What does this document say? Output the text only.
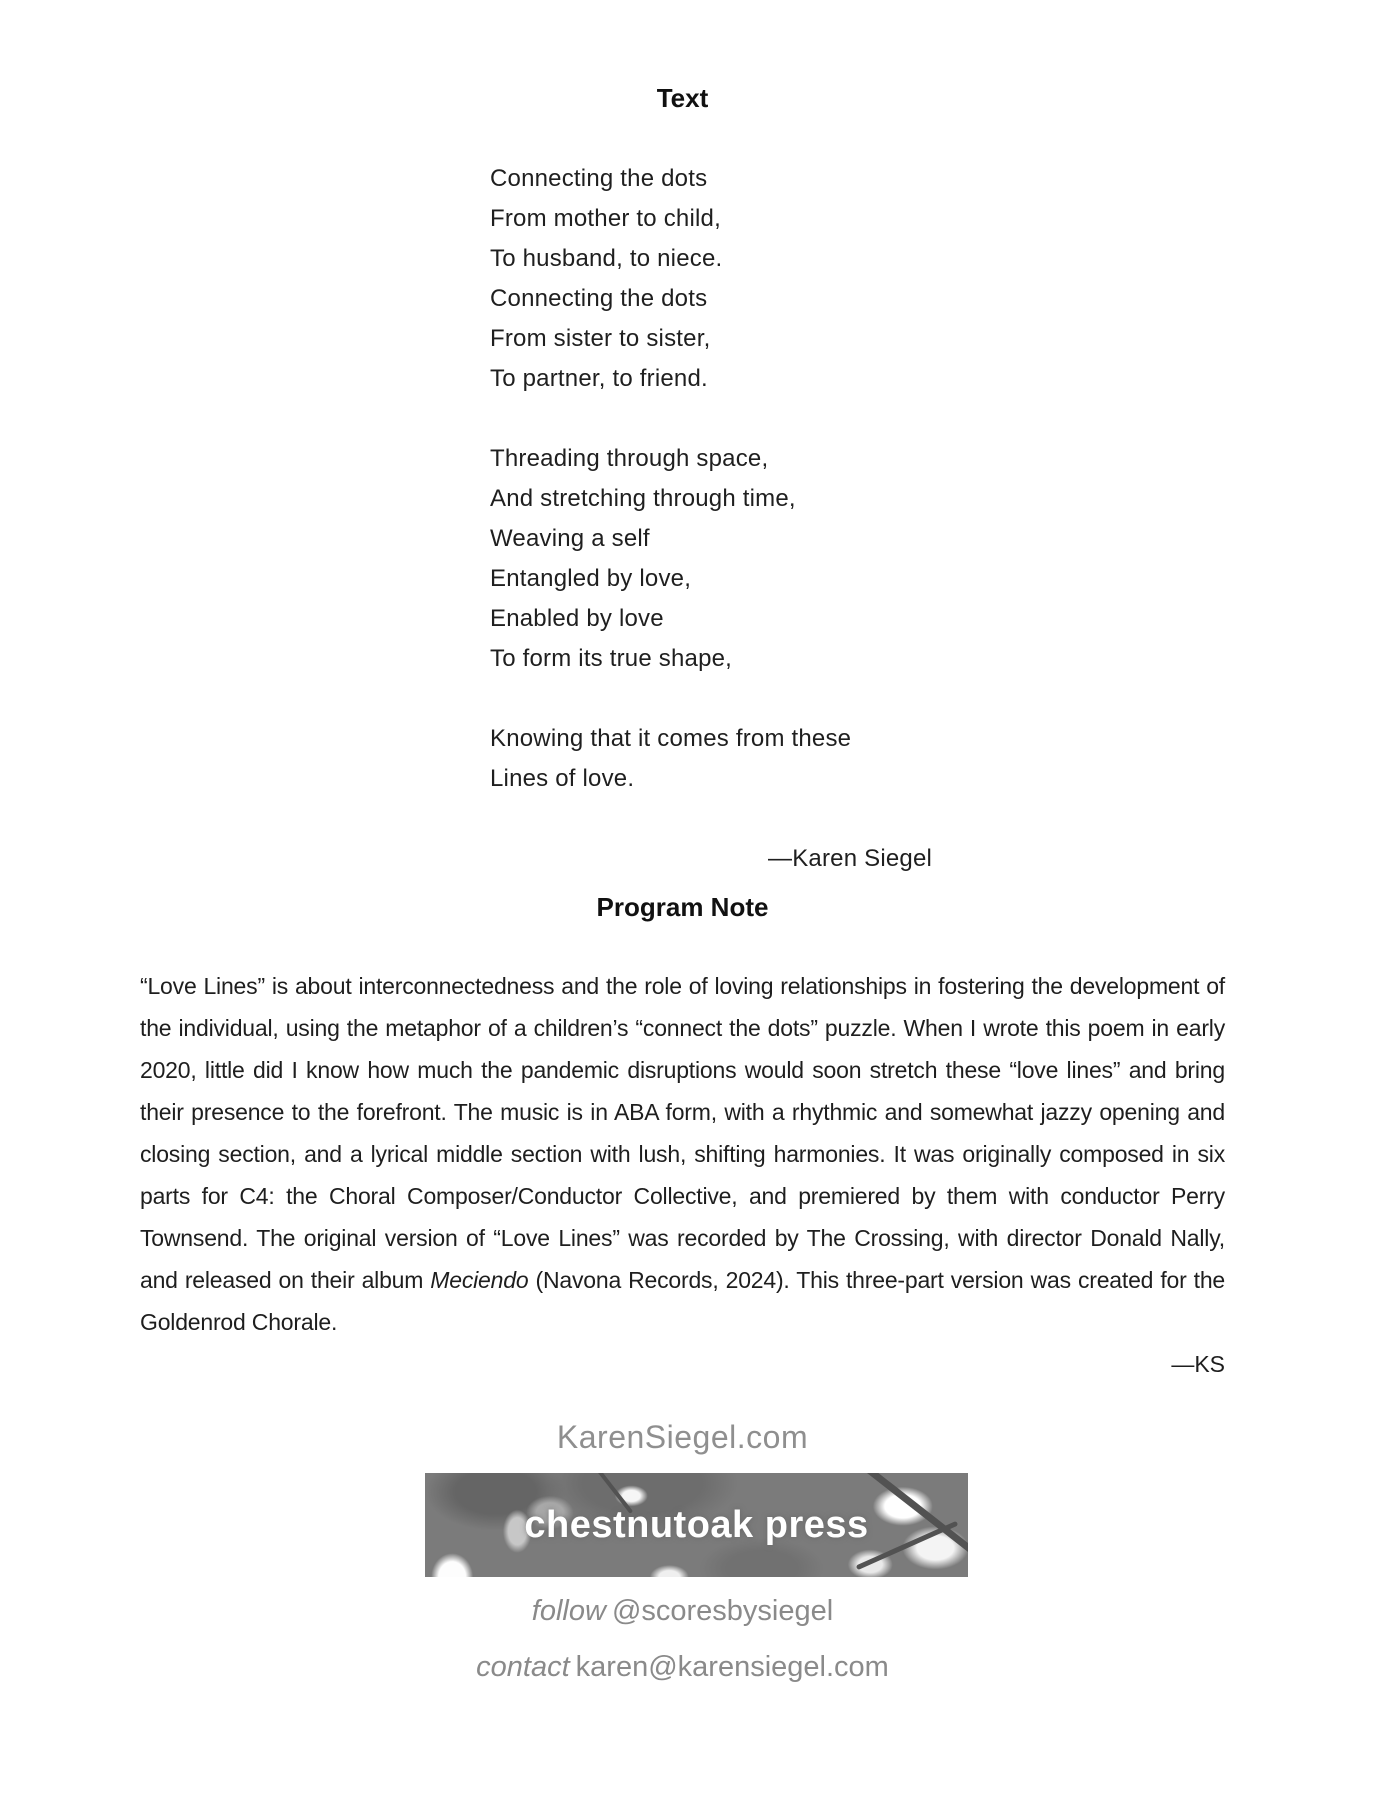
Text
Connecting the dots
From mother to child,
To husband, to niece.
Connecting the dots
From sister to sister,
To partner, to friend.
Threading through space,
And stretching through time,
Weaving a self
Entangled by love,
Enabled by love
To form its true shape,
Knowing that it comes from these
Lines of love.
—Karen Siegel
Program Note
“Love Lines” is about interconnectedness and the role of loving relationships in fostering the development of the individual, using the metaphor of a children’s “connect the dots” puzzle. When I wrote this poem in early 2020, little did I know how much the pandemic disruptions would soon stretch these “love lines” and bring their presence to the forefront. The music is in ABA form, with a rhythmic and somewhat jazzy opening and closing section, and a lyrical middle section with lush, shifting harmonies. It was originally composed in six parts for C4: the Choral Composer/Conductor Collective, and premiered by them with conductor Perry Townsend. The original version of “Love Lines” was recorded by The Crossing, with director Donald Nally, and released on their album Meciendo (Navona Records, 2024). This three-part version was created for the Goldenrod Chorale.
—KS
KarenSiegel.com
chestnutoak press
follow @scoresbysiegel
contact karen@karensiegel.com
